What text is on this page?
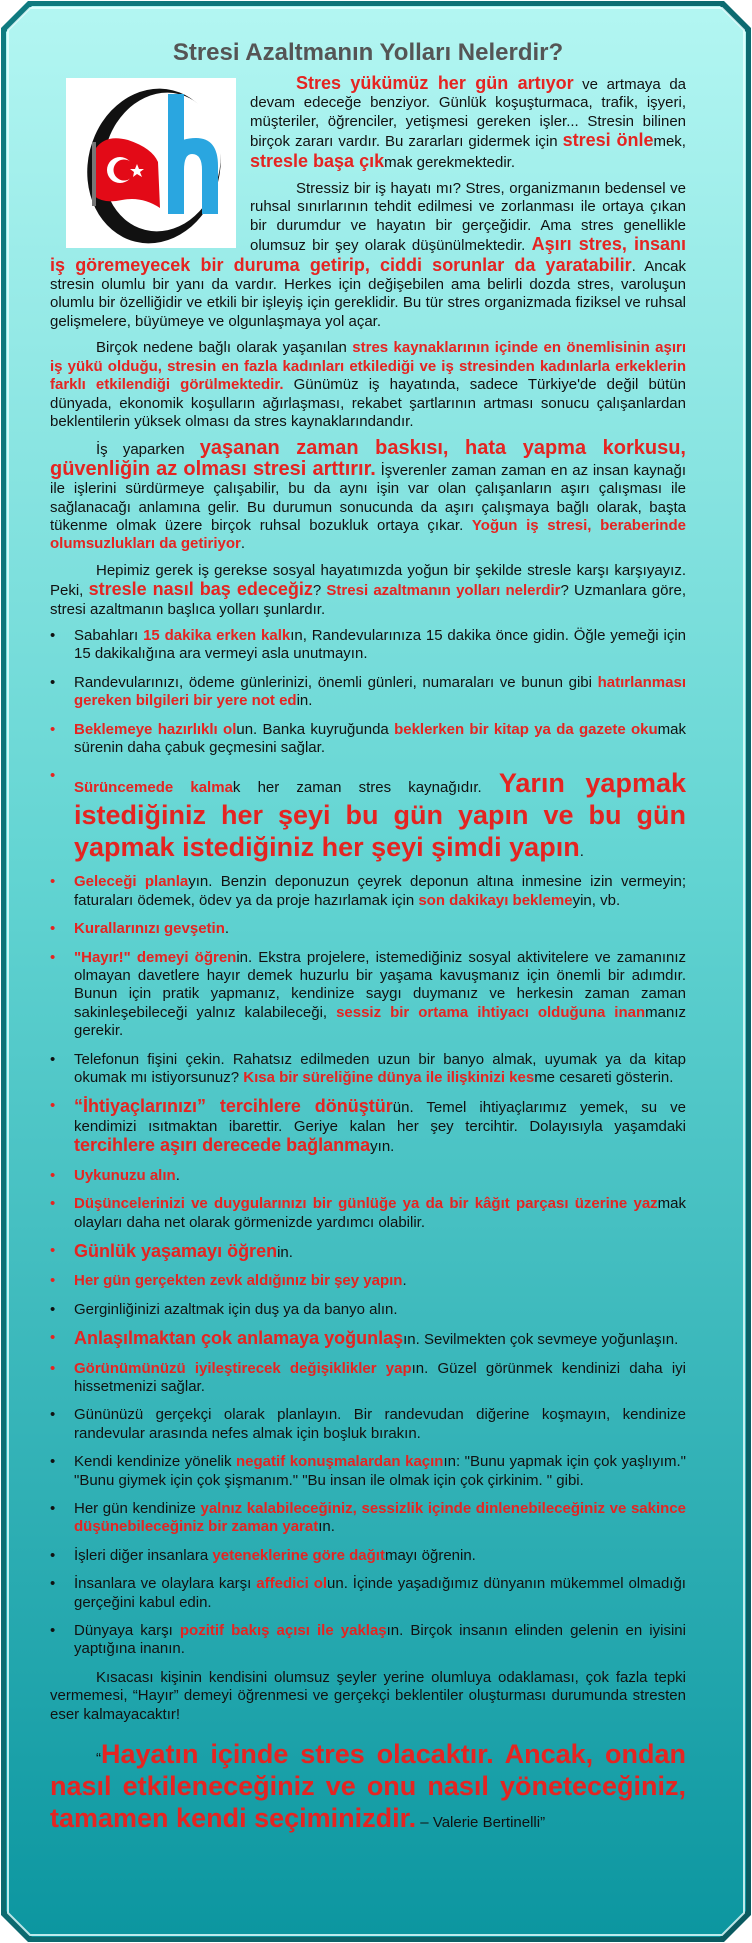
Stresi Azaltmanın Yolları Nelerdir?

Stres yükümüz her gün artıyor ve artmaya da devam edeceğe benziyor. Günlük koşuşturmaca, trafik, işyeri, müşteriler, öğrenciler, yetişmesi gereken işler... Stresin bilinen birçok zararı vardır. Bu zararları gidermek için stresi önlemek, stresle başa çıkmak gerekmektedir.

Stressiz bir iş hayatı mı? Stres, organizmanın bedensel ve ruhsal sınırlarının tehdit edilmesi ve zorlanması ile ortaya çıkan bir durumdur ve hayatın bir gerçeğidir. Ama stres genellikle olumsuz bir şey olarak düşünülmektedir. Aşırı stres, insanı iş göremeyecek bir duruma getirip, ciddi sorunlar da yaratabilir. Ancak stresin olumlu bir yanı da vardır. Herkes için değişebilen ama belirli dozda stres, varoluşun olumlu bir özelliğidir ve etkili bir işleyiş için gereklidir. Bu tür stres organizmada fiziksel ve ruhsal gelişmelere, büyümeye ve olgunlaşmaya yol açar.

Birçok nedene bağlı olarak yaşanılan stres kaynaklarının içinde en önemlisinin aşırı iş yükü olduğu, stresin en fazla kadınları etkilediği ve iş stresinden kadınlarla erkeklerin farklı etkilendiği görülmektedir. Günümüz iş hayatında, sadece Türkiye'de değil bütün dünyada, ekonomik koşulların ağırlaşması, rekabet şartlarının artması sonucu çalışanlardan beklentilerin yüksek olması da stres kaynaklarındandır.

İş yaparken yaşanan zaman baskısı, hata yapma korkusu, güvenliğin az olması stresi arttırır. İşverenler zaman zaman en az insan kaynağı ile işlerini sürdürmeye çalışabilir, bu da aynı işin var olan çalışanların aşırı çalışması ile sağlanacağı anlamına gelir. Bu durumun sonucunda da aşırı çalışmaya bağlı olarak, başta tükenme olmak üzere birçok ruhsal bozukluk ortaya çıkar. Yoğun iş stresi, beraberinde olumsuzlukları da getiriyor.

Hepimiz gerek iş gerekse sosyal hayatımızda yoğun bir şekilde stresle karşı karşıyayız. Peki, stresle nasıl baş edeceğiz? Stresi azaltmanın yolları nelerdir? Uzmanlara göre, stresi azaltmanın başlıca yolları şunlardır.

• Sabahları 15 dakika erken kalkın, Randevularınıza 15 dakika önce gidin. Öğle yemeği için 15 dakikalığına ara vermeyi asla unutmayın.
• Randevularınızı, ödeme günlerinizi, önemli günleri, numaraları ve bunun gibi hatırlanması gereken bilgileri bir yere not edin.
• Beklemeye hazırlıklı olun. Banka kuyruğunda beklerken bir kitap ya da gazete okumak sürenin daha çabuk geçmesini sağlar.
•
Sürüncemede kalmak her zaman stres kaynağıdır. Yarın yapmak istediğiniz her şeyi bu gün yapın ve bu gün yapmak istediğiniz her şeyi şimdi yapın.
• Geleceği planlayın. Benzin deponuzun çeyrek deponun altına inmesine izin vermeyin; faturaları ödemek, ödev ya da proje hazırlamak için son dakikayı beklemeyin, vb.
• Kurallarınızı gevşetin.
• "Hayır!" demeyi öğrenin. Ekstra projelere, istemediğiniz sosyal aktivitelere ve zamanınız olmayan davetlere hayır demek huzurlu bir yaşama kavuşmanız için önemli bir adımdır. Bunun için pratik yapmanız, kendinize saygı duymanız ve herkesin zaman zaman sakinleşebileceği yalnız kalabileceği, sessiz bir ortama ihtiyacı olduğuna inanmanız gerekir.
• Telefonun fişini çekin. Rahatsız edilmeden uzun bir banyo almak, uyumak ya da kitap okumak mı istiyorsunuz? Kısa bir süreliğine dünya ile ilişkinizi kesme cesareti gösterin.
• “İhtiyaçlarınızı” tercihlere dönüştürün. Temel ihtiyaçlarımız yemek, su ve kendimizi ısıtmaktan ibarettir. Geriye kalan her şey tercihtir. Dolayısıyla yaşamdaki tercihlere aşırı derecede bağlanmayın.
• Uykunuzu alın.
• Düşüncelerinizi ve duygularınızı bir günlüğe ya da bir kâğıt parçası üzerine yazmak olayları daha net olarak görmenizde yardımcı olabilir.
• Günlük yaşamayı öğrenin.
• Her gün gerçekten zevk aldığınız bir şey yapın.
• Gerginliğinizi azaltmak için duş ya da banyo alın.
• Anlaşılmaktan çok anlamaya yoğunlaşın. Sevilmekten çok sevmeye yoğunlaşın.
• Görünümünüzü iyileştirecek değişiklikler yapın. Güzel görünmek kendinizi daha iyi hissetmenizi sağlar.
• Gününüzü gerçekçi olarak planlayın. Bir randevudan diğerine koşmayın, kendinize randevular arasında nefes almak için boşluk bırakın.
• Kendi kendinize yönelik negatif konuşmalardan kaçının: "Bunu yapmak için çok yaşlıyım." "Bunu giymek için çok şişmanım." "Bu insan ile olmak için çok çirkinim. " gibi.
• Her gün kendinize yalnız kalabileceğiniz, sessizlik içinde dinlenebileceğiniz ve sakince düşünebileceğiniz bir zaman yaratın.
• İşleri diğer insanlara yeteneklerine göre dağıtmayı öğrenin.
• İnsanlara ve olaylara karşı affedici olun. İçinde yaşadığımız dünyanın mükemmel olmadığı gerçeğini kabul edin.
• Dünyaya karşı pozitif bakış açısı ile yaklaşın. Birçok insanın elinden gelenin en iyisini yaptığına inanın.

Kısacası kişinin kendisini olumsuz şeyler yerine olumluya odaklaması, çok fazla tepki vermemesi, “Hayır” demeyi öğrenmesi ve gerçekçi beklentiler oluşturması durumunda stresten eser kalmayacaktır!

“Hayatın içinde stres olacaktır. Ancak, ondan nasıl etkileneceğiniz ve onu nasıl yöneteceğiniz, tamamen kendi seçiminizdir. – Valerie Bertinelli”
